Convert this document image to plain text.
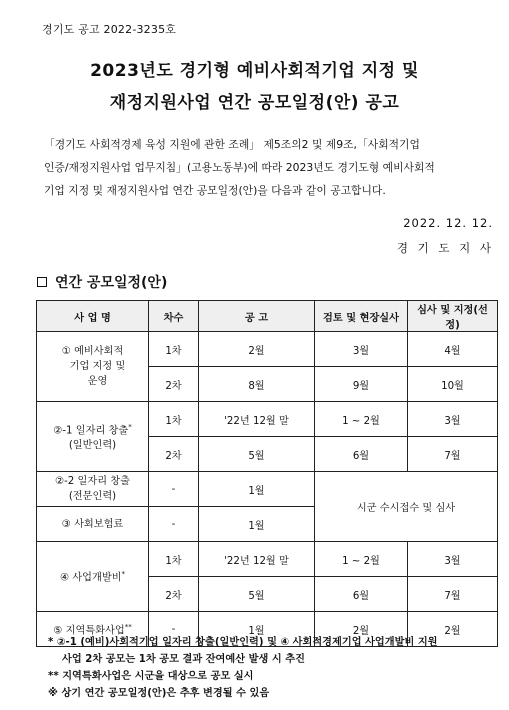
경기도 공고 2022-3235호
2023년도 경기형 예비사회적기업 지정 및
재정지원사업 연간 공모일정(안) 공고
「경기도 사회적경제 육성 지원에 관한 조례」 제5조의2 및 제9조,「사회적기업
인증/재정지원사업 업무지침」(고용노동부)에 따라 2023년도 경기도형 예비사회적
기업 지정 및 재정지원사업 연간 공모일정(안)을 다음과 같이 공고합니다.
2022. 12. 12.
경 기 도 지 사
연간 공모일정(안)
사 업 명	차수	공 고	검토 및 현장실사	심사 및 지정(선정)

① 예비사회적
기업 지정 및
운영	1차	2월	3월	4월
	2차	8월	9월	10월

②-1 일자리 창출*
(일반인력)	1차	'22년 12월 말	1 ~ 2월	3월
	2차	5월	6월	7월

②-2 일자리 창출
(전문인력)	-	1월	시군 수시접수 및 심사	
③ 사회보험료	-	1월		
④ 사업개발비*	1차	'22년 12월 말	1 ~ 2월	3월
	2차	5월	6월	7월
⑤ 지역특화사업**	-	1월	2월	2월
* ②-1 (예비)사회적기업 일자리 창출(일반인력) 및 ④ 사회적경제기업 사업개발비 지원
사업 2차 공모는 1차 공모 결과 잔여예산 발생 시 추진
** 지역특화사업은 시군을 대상으로 공모 실시
※ 상기 연간 공모일정(안)은 추후 변경될 수 있음
